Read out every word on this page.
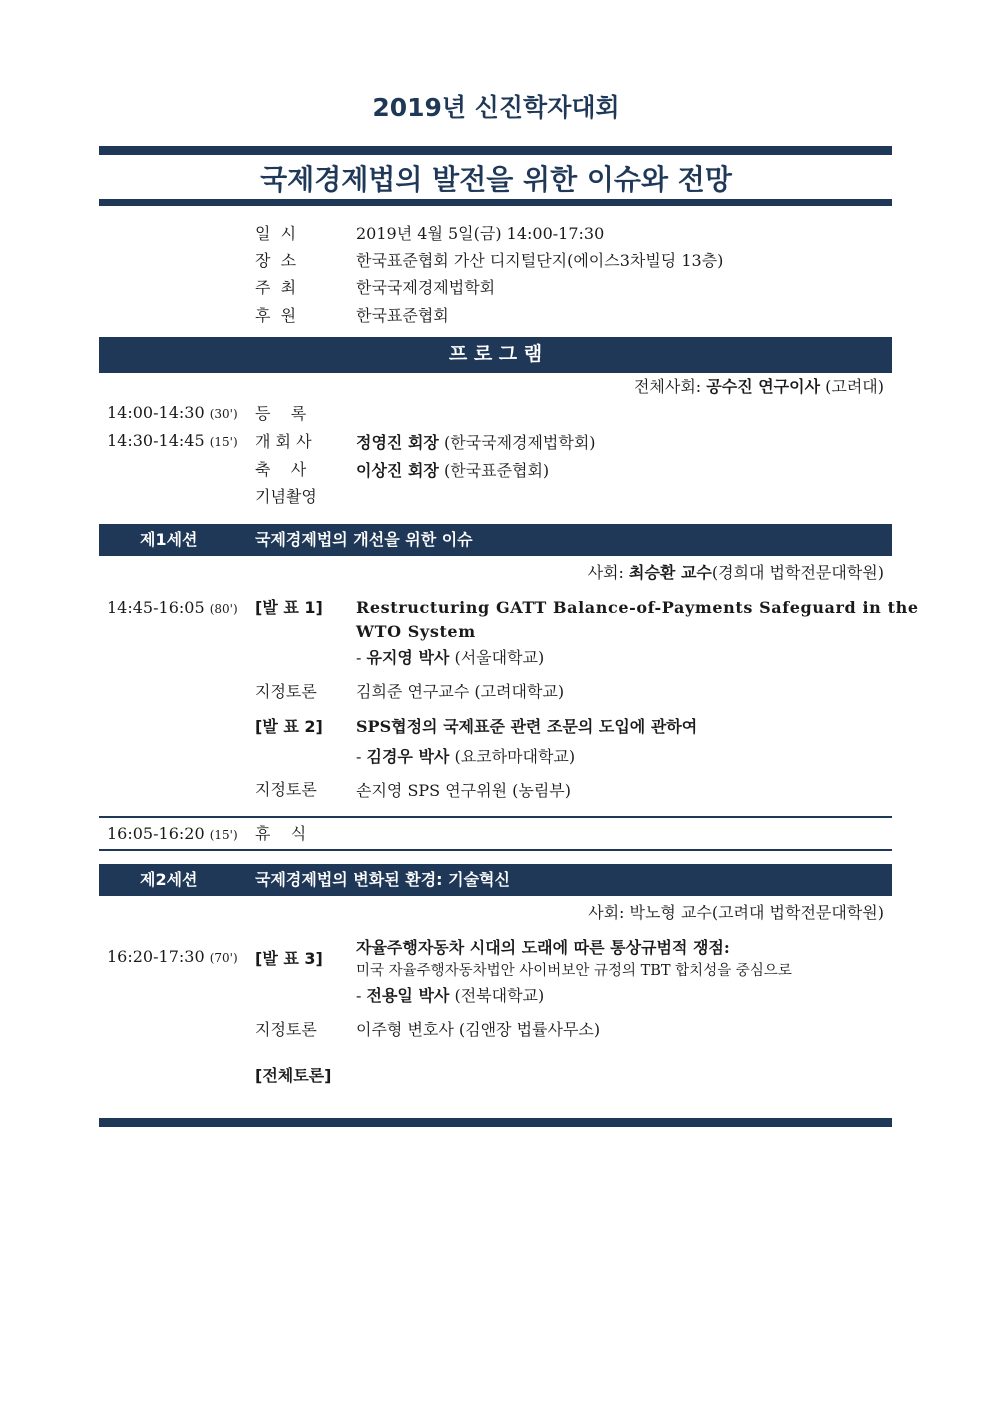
2019년 신진학자대회
국제경제법의 발전을 위한 이슈와 전망
일  시	2019년 4월 5일(금) 14:00-17:30
장  소	한국표준협회 가산 디지털단지(에이스3차빌딩 13층)
주  최	한국국제경제법학회
후  원	한국표준협회
프 로 그 램
전체사회: 공수진 연구이사 (고려대)
14:00-14:30 (30') 등    록
14:30-14:45 (15') 개 회 사	정영진 회장 (한국국제경제법학회)
축    사	이상진 회장 (한국표준협회)
기념촬영
제1세션	국제경제법의 개선을 위한 이슈
사회: 최승환 교수(경희대 법학전문대학원)
14:45-16:05 (80') [발 표 1] Restructuring GATT Balance-of-Payments Safeguard in the
WTO System
- 유지영 박사 (서울대학교)
지정토론 김희준 연구교수 (고려대학교)
[발 표 2] SPS협정의 국제표준 관련 조문의 도입에 관하여
- 김경우 박사 (요코하마대학교)
지정토론 손지영 SPS 연구위원 (농림부)
16:05-16:20 (15') 휴    식
제2세션	국제경제법의 변화된 환경: 기술혁신
사회: 박노형 교수(고려대 법학전문대학원)
16:20-17:30 (70') [발 표 3]
자율주행자동차 시대의 도래에 따른 통상규범적 쟁점:
미국 자율주행자동차법안 사이버보안 규정의 TBT 합치성을 중심으로
- 전용일 박사 (전북대학교)
지정토론 이주형 변호사 (김앤장 법률사무소)
[전체토론]
